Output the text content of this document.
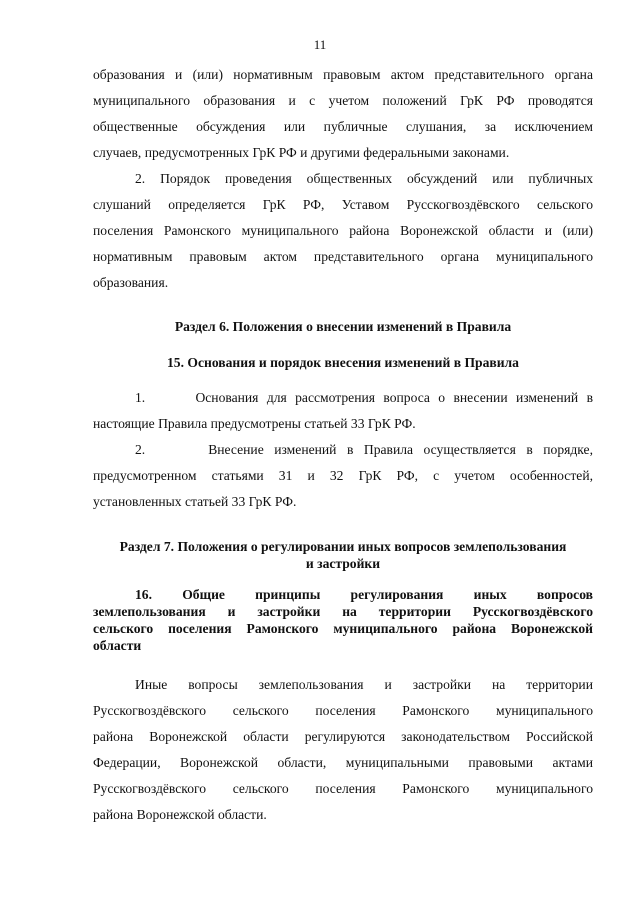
11

образования и (или) нормативным правовым актом представительного органа

муниципального образования и с учетом положений ГрК РФ проводятся

общественные обсуждения или публичные слушания, за исключением

случаев, предусмотренных ГрК РФ и другими федеральными законами.

2. Порядок проведения общественных обсуждений или публичных

слушаний определяется ГрК РФ, Уставом Русскогвоздёвского сельского

поселения Рамонского муниципального района Воронежской области и (или)

нормативным правовым актом представительного органа муниципального

образования.

Раздел 6. Положения о внесении изменений в Правила

15. Основания и порядок внесения изменений в Правила

1.      Основания для рассмотрения вопроса о внесении изменений в

настоящие Правила предусмотрены статьей 33 ГрК РФ.

2.      Внесение изменений в Правила осуществляется в порядке,

предусмотренном статьями 31 и 32 ГрК РФ, с учетом особенностей,

установленных статьей 33 ГрК РФ.

Раздел 7. Положения о регулировании иных вопросов землепользования

и застройки

16. Общие принципы регулирования иных вопросов

землепользования и застройки на территории Русскогвоздёвского

сельского поселения Рамонского муниципального района Воронежской

области

Иные вопросы землепользования и застройки на территории

Русскогвоздёвского сельского поселения Рамонского муниципального

района Воронежской области регулируются законодательством Российской

Федерации, Воронежской области, муниципальными правовыми актами

Русскогвоздёвского сельского поселения Рамонского муниципального

района Воронежской области.
